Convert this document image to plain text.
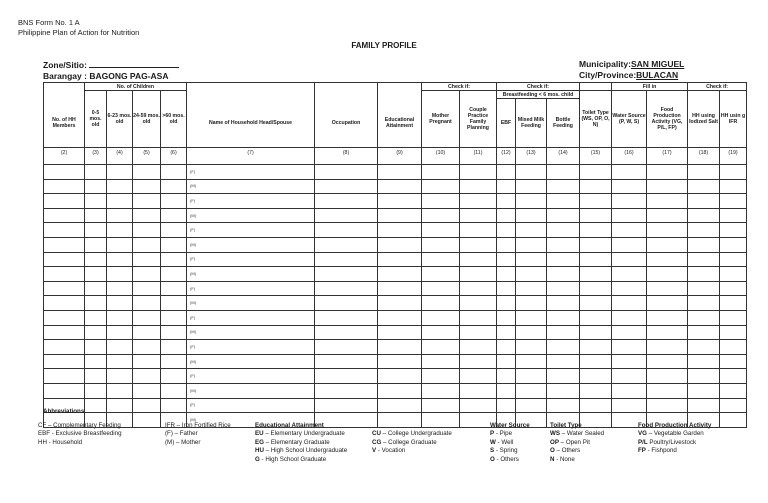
BNS Form No. 1 A
Philippine Plan of Action for Nutrition
FAMILY PROFILE
Zone/Sitio:
Barangay : BAGONG PAG-ASA
Municipality:SAN MIGUEL
City/Province:BULACAN
	No. of Children							Check if:		Check if:				Fill in		Check if:	
	0-5 mos. old	6-23 mos. old	24-59 mos. old	>60 mos. old				Mother Pregnant	Couple Practice Family Planning	Breastfeeding < 6 mos. child			Toilet Type (WS, OP, O, N)	Water Source (P, W, S)	Food Production Activity (VG, P/L, FP)	HH using Iodized Salt	HH usin g IFR
No. of HH Members					Name of Household Head/Spouse	Occupation	Educational Attainment			EBF	Mixed Milk Feeding	Bottle Feeding					
(2)	(3)	(4)	(5)	(6)	(7)	(8)	(9)	(10)	(11)	(12)	(13)	(14)	(15)	(16)	(17)	(18)	(19)
					(F)												
					(M)												
					(F)												
					(M)												
					(F)												
					(M)												
					(F)												
					(M)												
					(F)												
					(M)												
					(F)												
					(M)												
					(F)												
					(M)												
					(F)												
					(M)												
					(F)												
					(M)												
Abbreviations
CF – Complementary Feeding
EBF - Exclusive Breastfeeding
HH - Household
IFR – Iron Fortified Rice
(F) – Father
(M) – Mother
Educational Attainment
EU – Elementary Undergraduate
EG – Elementary Graduate
HU – High School Undergraduate
G - High School Graduate
CU – College Undergraduate
CG – College Graduate
V - Vocation
Water Source
P - Pipe
W - Well
S - Spring
O - Others
Toilet Type
WS – Water Sealed
OP – Open Pit
O – Others
N - None
Food Production Activity
VG – Vegetable Garden
P/L Poultry/Livestock
FP - Fishpond
